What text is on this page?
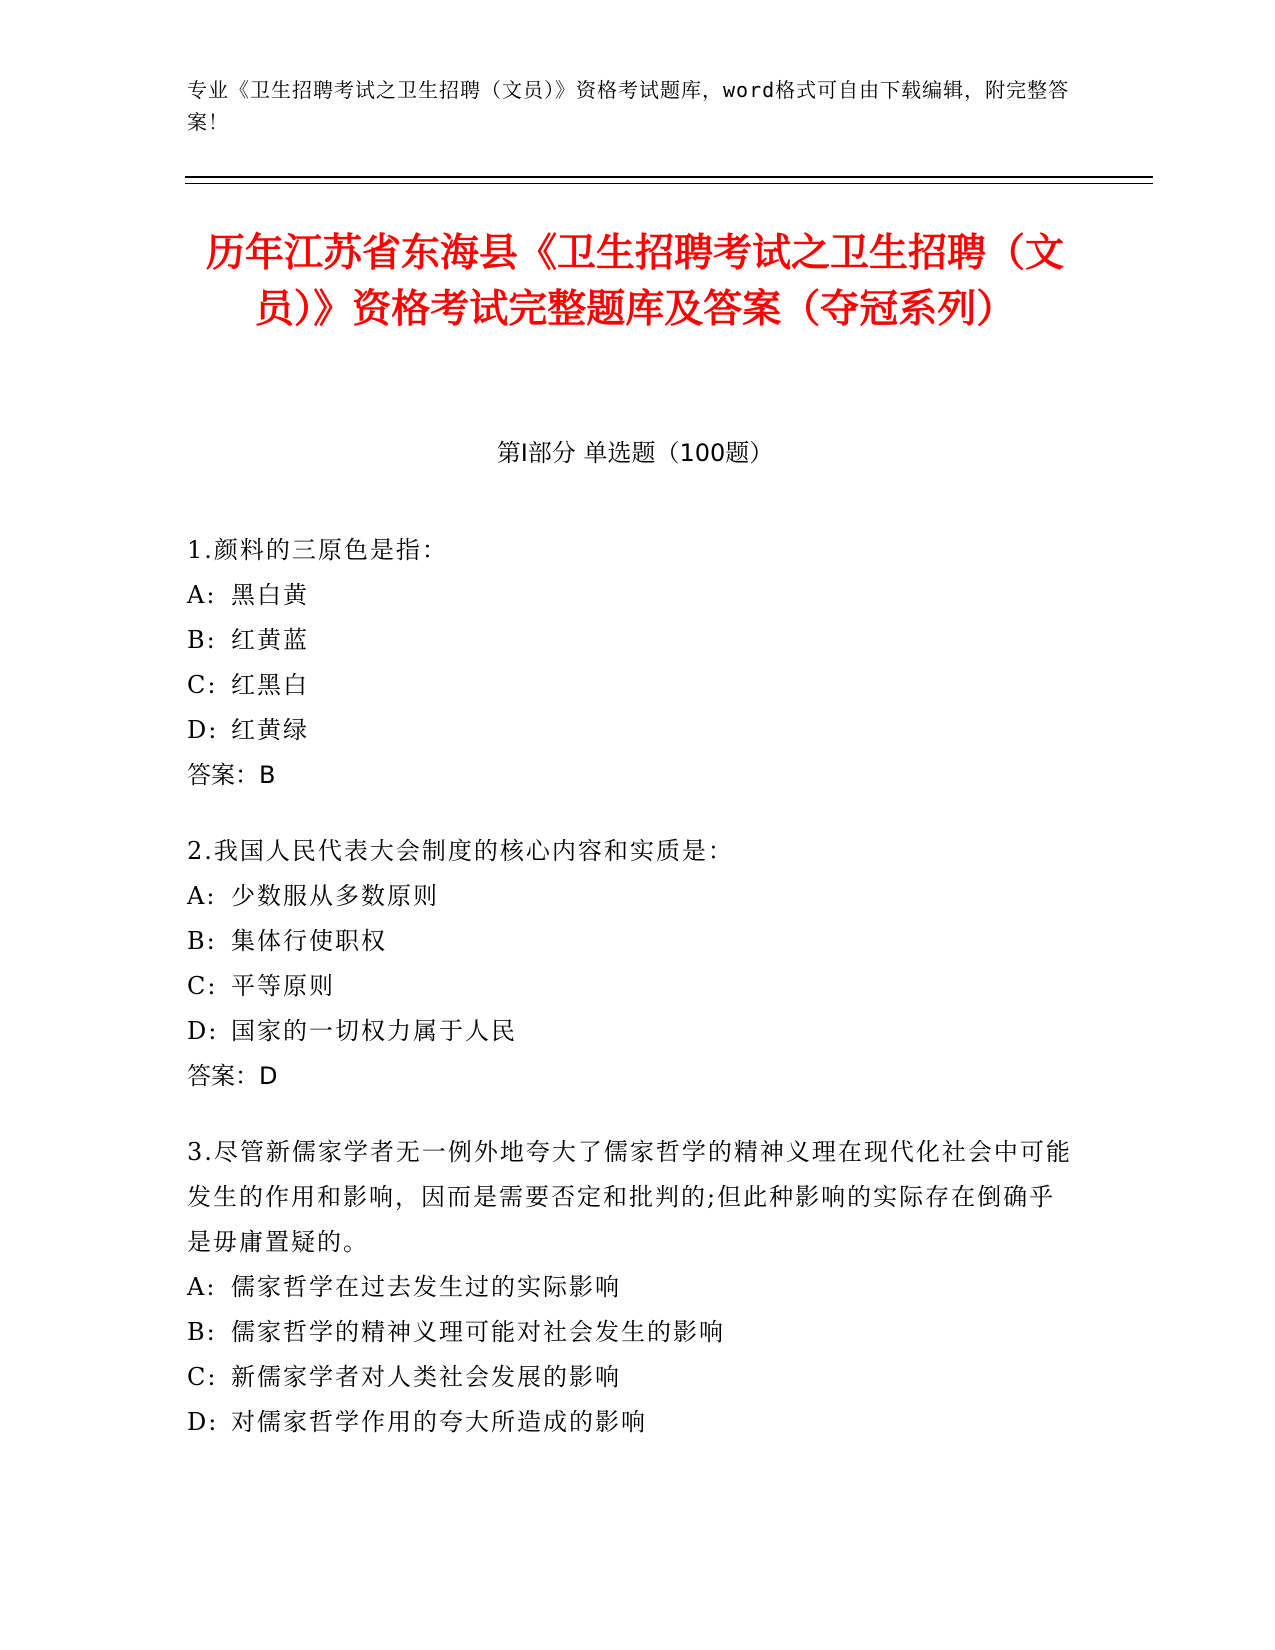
专业《卫生招聘考试之卫生招聘（文员）》资格考试题库，word格式可自由下载编辑，附完整答案！
历年江苏省东海县《卫生招聘考试之卫生招聘（文员）》资格考试完整题库及答案（夺冠系列）
第Ⅰ部分 单选题（100题）
1.颜料的三原色是指：
A: 黑白黄
B: 红黄蓝
C: 红黑白
D: 红黄绿
答案：B
2.我国人民代表大会制度的核心内容和实质是：
A: 少数服从多数原则
B: 集体行使职权
C: 平等原则
D: 国家的一切权力属于人民
答案：D
3.尽管新儒家学者无一例外地夸大了儒家哲学的精神义理在现代化社会中可能发生的作用和影响，因而是需要否定和批判的;但此种影响的实际存在倒确乎是毋庸置疑的。
A: 儒家哲学在过去发生过的实际影响
B: 儒家哲学的精神义理可能对社会发生的影响
C: 新儒家学者对人类社会发展的影响
D: 对儒家哲学作用的夸大所造成的影响
